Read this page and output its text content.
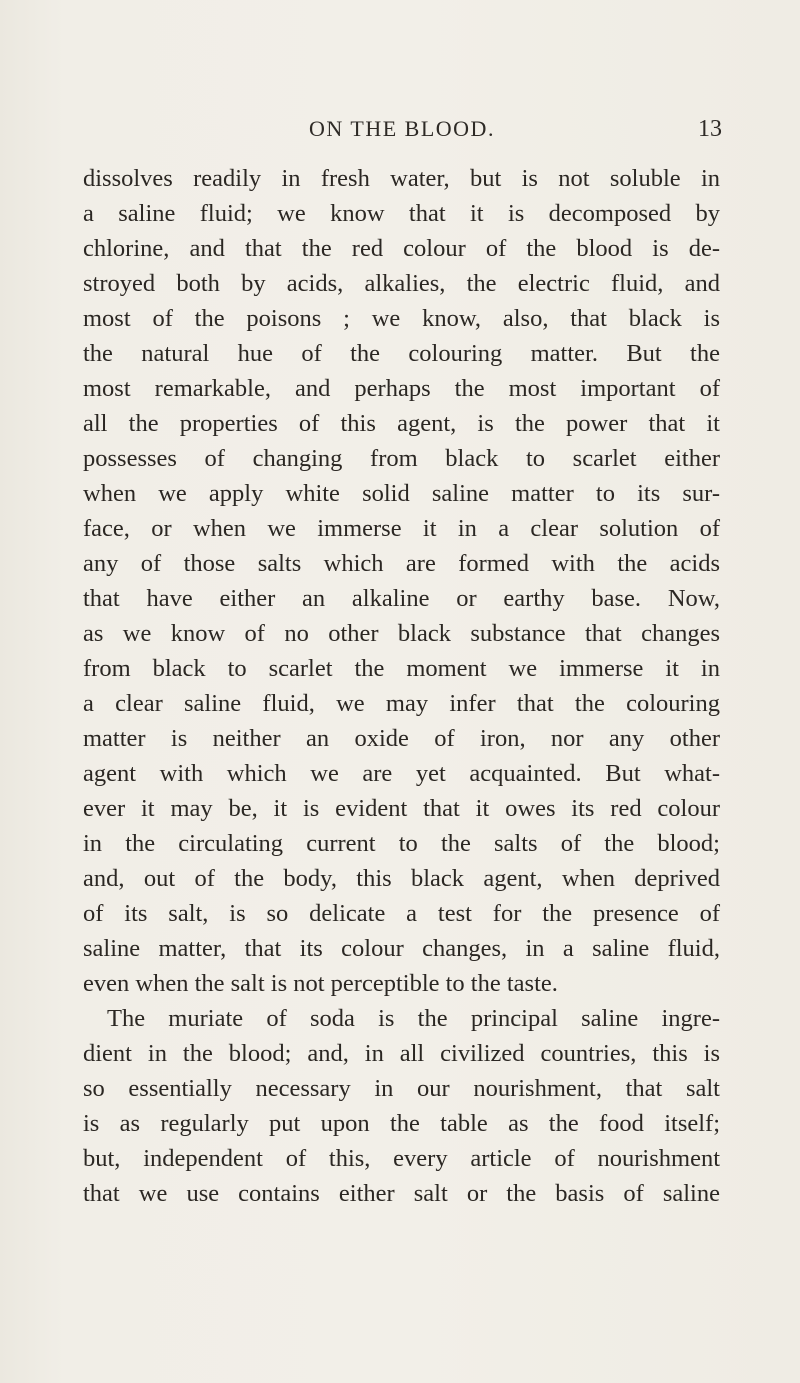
ON THE BLOOD.	13
dissolves readily in fresh water, but is not soluble in
a saline fluid; we know that it is decomposed by
chlorine, and that the red colour of the blood is de-
stroyed both by acids, alkalies, the electric fluid, and
most of the poisons ; we know, also, that black is
the natural hue of the colouring matter. But the
most remarkable, and perhaps the most important of
all the properties of this agent, is the power that it
possesses of changing from black to scarlet either
when we apply white solid saline matter to its sur-
face, or when we immerse it in a clear solution of
any of those salts which are formed with the acids
that have either an alkaline or earthy base. Now,
as we know of no other black substance that changes
from black to scarlet the moment we immerse it in
a clear saline fluid, we may infer that the colouring
matter is neither an oxide of iron, nor any other
agent with which we are yet acquainted. But what-
ever it may be, it is evident that it owes its red colour
in the circulating current to the salts of the blood;
and, out of the body, this black agent, when deprived
of its salt, is so delicate a test for the presence of
saline matter, that its colour changes, in a saline fluid,
even when the salt is not perceptible to the taste.
The muriate of soda is the principal saline ingre-
dient in the blood; and, in all civilized countries, this is
so essentially necessary in our nourishment, that salt
is as regularly put upon the table as the food itself;
but, independent of this, every article of nourishment
that we use contains either salt or the basis of saline
